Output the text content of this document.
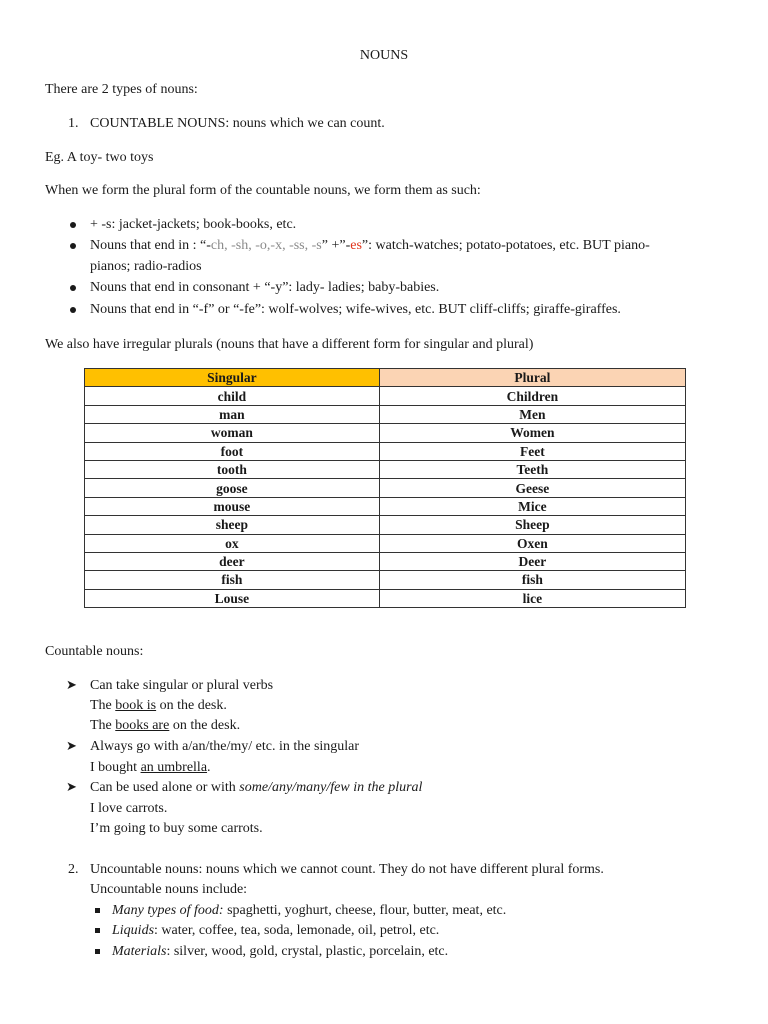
NOUNS
There are 2 types of nouns:
1. COUNTABLE NOUNS: nouns which we can count.
Eg. A toy- two toys
When we form the plural form of the countable nouns, we form them as such:
+ -s: jacket-jackets; book-books, etc.
Nouns that end in : “-ch, -sh, -o,-x, -ss, -s” +”-es”: watch-watches; potato-potatoes, etc. BUT piano-
pianos; radio-radios
Nouns that end in consonant + “-y”: lady- ladies; baby-babies.
Nouns that end in “-f” or “-fe”: wolf-wolves; wife-wives, etc. BUT cliff-cliffs; giraffe-giraffes.
We also have irregular plurals (nouns that have a different form for singular and plural)
Singular	Plural
child	Children
man	Men
woman	Women
foot	Feet
tooth	Teeth
goose	Geese
mouse	Mice
sheep	Sheep
ox	Oxen
deer	Deer
fish	fish
Louse	lice
Countable nouns:
➤ Can take singular or plural verbs
The book is on the desk.
The books are on the desk.
➤ Always go with a/an/the/my/ etc. in the singular
I bought an umbrella.
➤ Can be used alone or with some/any/many/few in the plural
I love carrots.
I’m going to buy some carrots.
2. Uncountable nouns: nouns which we cannot count. They do not have different plural forms.
Uncountable nouns include:
Many types of food: spaghetti, yoghurt, cheese, flour, butter, meat, etc.
Liquids: water, coffee, tea, soda, lemonade, oil, petrol, etc.
Materials: silver, wood, gold, crystal, plastic, porcelain, etc.
